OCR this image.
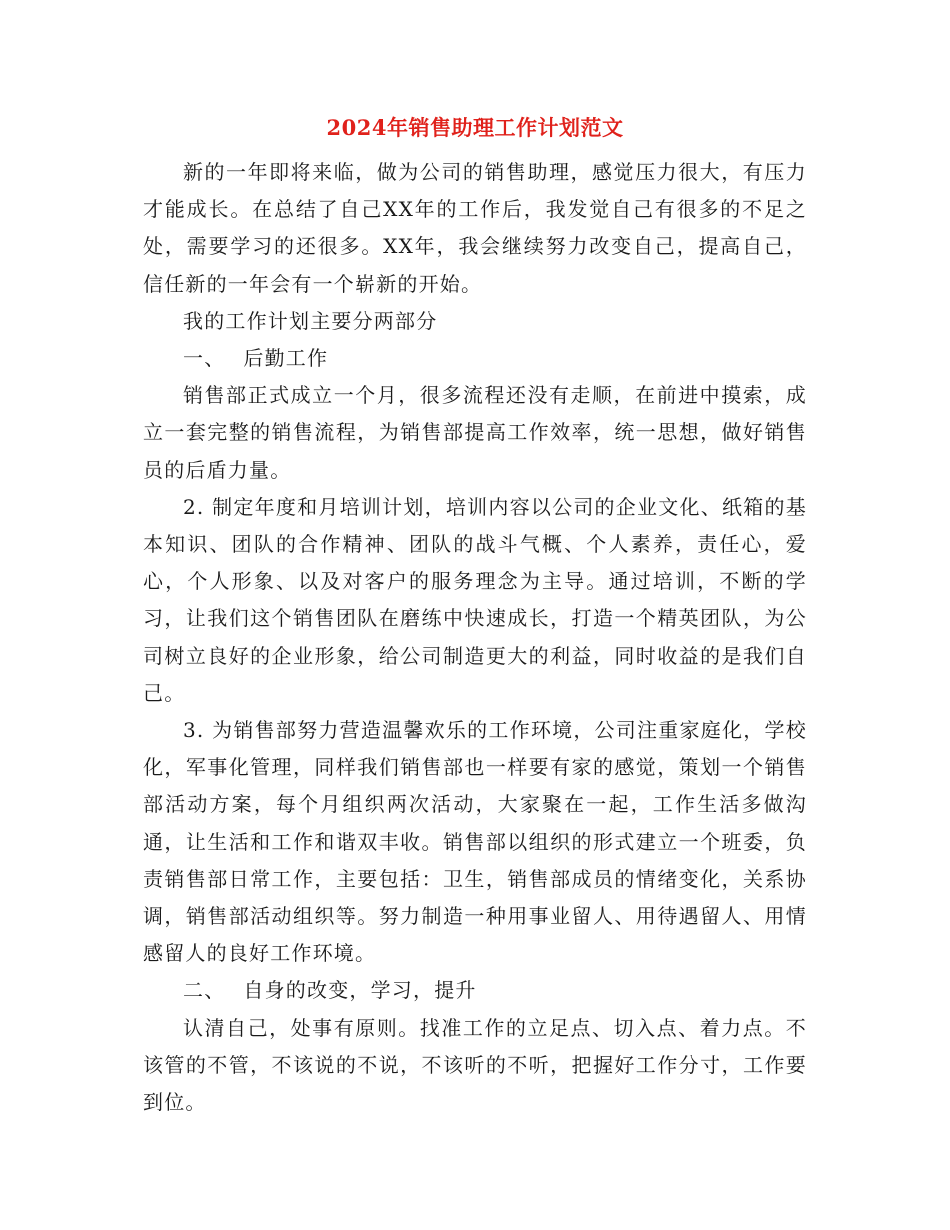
2024年销售助理工作计划范文

新的一年即将来临，做为公司的销售助理，感觉压力很大，有压力才能成长。在总结了自己XX年的工作后，我发觉自己有很多的不足之处，需要学习的还很多。XX年，我会继续努力改变自己，提高自己，信任新的一年会有一个崭新的开始。

我的工作计划主要分两部分

一、 后勤工作

销售部正式成立一个月，很多流程还没有走顺，在前进中摸索，成立一套完整的销售流程，为销售部提高工作效率，统一思想，做好销售员的后盾力量。

2. 制定年度和月培训计划，培训内容以公司的企业文化、纸箱的基本知识、团队的合作精神、团队的战斗气概、个人素养，责任心，爱心，个人形象、以及对客户的服务理念为主导。通过培训，不断的学习，让我们这个销售团队在磨练中快速成长，打造一个精英团队，为公司树立良好的企业形象，给公司制造更大的利益，同时收益的是我们自己。

3. 为销售部努力营造温馨欢乐的工作环境，公司注重家庭化，学校化，军事化管理，同样我们销售部也一样要有家的感觉，策划一个销售部活动方案，每个月组织两次活动，大家聚在一起，工作生活多做沟通，让生活和工作和谐双丰收。销售部以组织的形式建立一个班委，负责销售部日常工作，主要包括：卫生，销售部成员的情绪变化，关系协调，销售部活动组织等。努力制造一种用事业留人、用待遇留人、用情感留人的良好工作环境。

二、 自身的改变，学习，提升

认清自己，处事有原则。找准工作的立足点、切入点、着力点。不该管的不管，不该说的不说，不该听的不听，把握好工作分寸，工作要到位。
